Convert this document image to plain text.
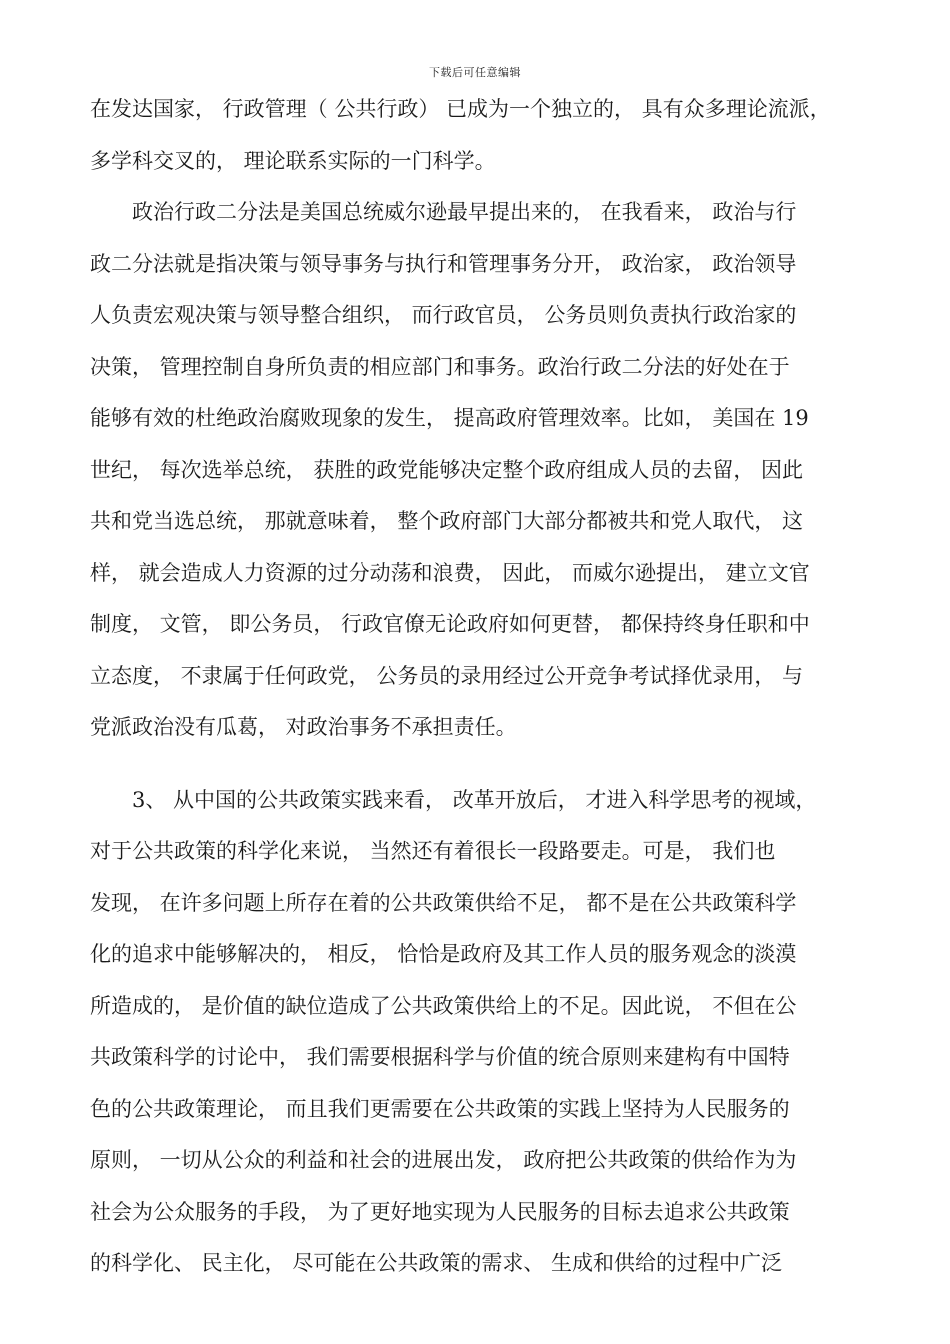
下载后可任意编辑
在发达国家， 行政管理（ 公共行政） 已成为一个独立的， 具有众多理论流派，
多学科交叉的， 理论联系实际的一门科学。
　　政治行政二分法是美国总统威尔逊最早提出来的， 在我看来， 政治与行
政二分法就是指决策与领导事务与执行和管理事务分开， 政治家， 政治领导
人负责宏观决策与领导整合组织， 而行政官员， 公务员则负责执行政治家的
决策， 管理控制自身所负责的相应部门和事务。政治行政二分法的好处在于
能够有效的杜绝政治腐败现象的发生， 提高政府管理效率。比如， 美国在 19
世纪， 每次选举总统， 获胜的政党能够决定整个政府组成人员的去留， 因此
共和党当选总统， 那就意味着， 整个政府部门大部分都被共和党人取代， 这
样， 就会造成人力资源的过分动荡和浪费， 因此， 而威尔逊提出， 建立文官
制度， 文管， 即公务员， 行政官僚无论政府如何更替， 都保持终身任职和中
立态度， 不隶属于任何政党， 公务员的录用经过公开竞争考试择优录用， 与
党派政治没有瓜葛， 对政治事务不承担责任。
　　3、 从中国的公共政策实践来看， 改革开放后， 才进入科学思考的视域，
对于公共政策的科学化来说， 当然还有着很长一段路要走。可是， 我们也
发现， 在许多问题上所存在着的公共政策供给不足， 都不是在公共政策科学
化的追求中能够解决的， 相反， 恰恰是政府及其工作人员的服务观念的淡漠
所造成的， 是价值的缺位造成了公共政策供给上的不足。因此说， 不但在公
共政策科学的讨论中， 我们需要根据科学与价值的统合原则来建构有中国特
色的公共政策理论， 而且我们更需要在公共政策的实践上坚持为人民服务的
原则， 一切从公众的利益和社会的进展出发， 政府把公共政策的供给作为为
社会为公众服务的手段， 为了更好地实现为人民服务的目标去追求公共政策
的科学化、 民主化， 尽可能在公共政策的需求、 生成和供给的过程中广泛
